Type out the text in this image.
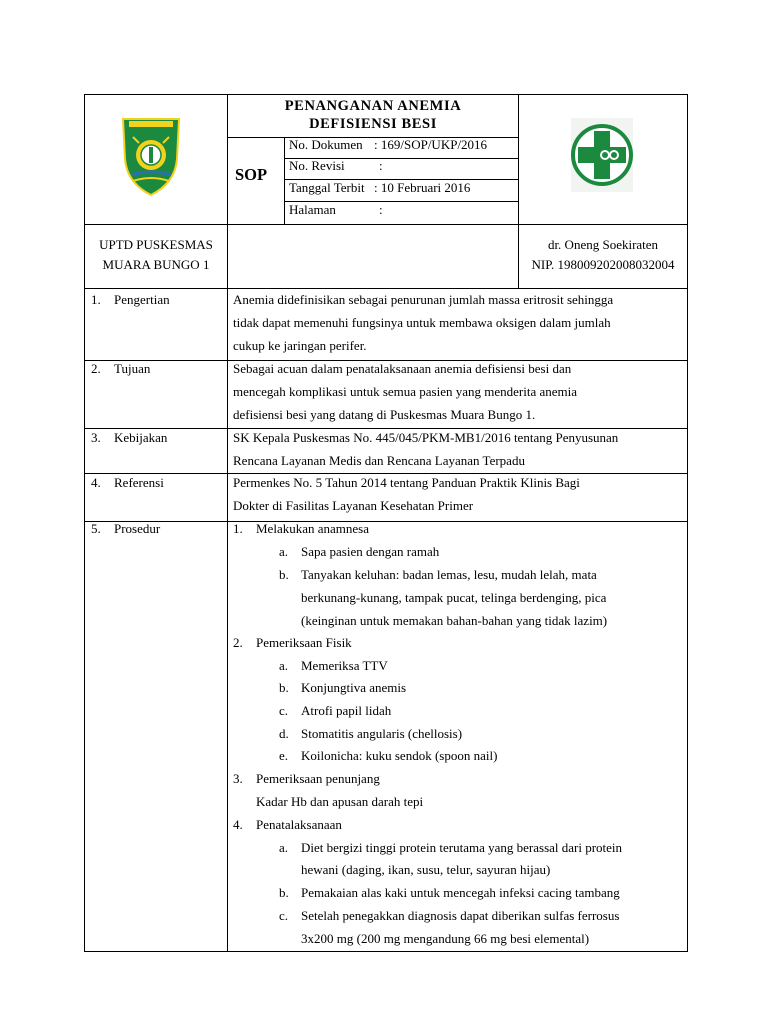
PENANGANAN ANEMIA
DEFISIENSI BESI
SOP
No. Dokumen : 169/SOP/UKP/2016
No. Revisi	:
Tanggal Terbit : 10 Februari 2016
Halaman	:
UPTD PUSKESMAS
MUARA BUNGO 1
dr. Oneng Soekiraten
NIP. 198009202008032004
1. Pengertian	Anemia didefinisikan sebagai penurunan jumlah massa eritrosit sehingga
tidak dapat memenuhi fungsinya untuk membawa oksigen dalam jumlah
cukup ke jaringan perifer.
2. Tujuan	Sebagai acuan dalam penatalaksanaan anemia defisiensi besi dan
mencegah komplikasi untuk semua pasien yang menderita anemia
defisiensi besi yang datang di Puskesmas Muara Bungo 1.
3. Kebijakan	SK Kepala Puskesmas No. 445/045/PKM-MB1/2016 tentang Penyusunan
Rencana Layanan Medis dan Rencana Layanan Terpadu
4. Referensi	Permenkes No. 5 Tahun 2014 tentang Panduan Praktik Klinis Bagi
Dokter di Fasilitas Layanan Kesehatan Primer
5. Prosedur	1. Melakukan anamnesa
a. Sapa pasien dengan ramah
b. Tanyakan keluhan: badan lemas, lesu, mudah lelah, mata
berkunang-kunang, tampak pucat, telinga berdenging, pica
(keinginan untuk memakan bahan-bahan yang tidak lazim)
2. Pemeriksaan Fisik
a. Memeriksa TTV
b. Konjungtiva anemis
c. Atrofi papil lidah
d. Stomatitis angularis (chellosis)
e. Koilonicha: kuku sendok (spoon nail)
3. Pemeriksaan penunjang
Kadar Hb dan apusan darah tepi
4. Penatalaksanaan
a. Diet bergizi tinggi protein terutama yang berassal dari protein
hewani (daging, ikan, susu, telur, sayuran hijau)
b. Pemakaian alas kaki untuk mencegah infeksi cacing tambang
c. Setelah penegakkan diagnosis dapat diberikan sulfas ferrosus
3x200 mg (200 mg mengandung 66 mg besi elemental)
